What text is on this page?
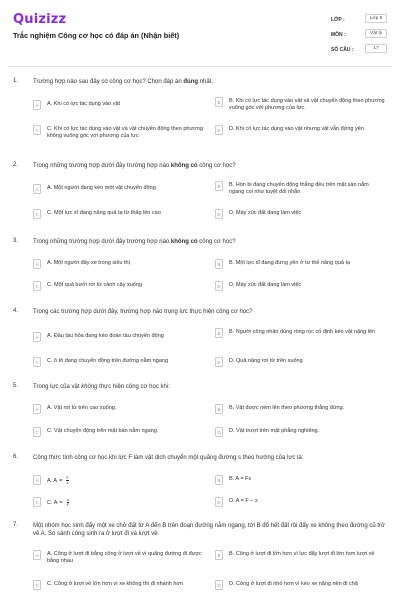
Quizizz
Trắc nghiệm Công cơ học có đáp án (Nhận biết)
LỚP :	Lớp 8
MÔN :	Vật lý
SỐ CÂU :	17
1. Trường hợp nào sau đây có công cơ học? Chọn đáp án đúng nhất.
A	A. Khi có lực tác dụng vào vật	B	B. Khi có lực tác dụng vào vật và vật chuyển động theo phương vuông góc với phương của lực.
C	C. Khi có lực tác dụng vào vật và vật chuyển động theo phương không vuông góc với phương của lực
D	D. Khi có lực tác dụng vào vật nhưng vật vẫn đứng yên
2. Trong những trường hợp dưới đây trường hợp nào không có công cơ học?
A	A. Một người đang kéo một vật chuyển động	B	B. Hòn bi đang chuyển động thẳng đều trên mặt sàn nằm ngang coi như tuyệt đối nhẵn
C	C. Một lực sĩ đang nâng quả tạ từ thấp lên cao	D	D. Máy xúc đất đang làm việc
3. Trong những trường hợp dưới đây trường hợp nào không có công cơ học?
A	A. Một người đẩy xe trong siêu thị	B	B. Một lực sĩ đang đứng yên ở tư thế nâng quả tạ
C	C. Một quả bưởi rơi từ cành cây xuống	D	D. Máy xúc đất đang làm việc
4. Trong các trường hợp dưới đây, trường hợp nào trọng lực thực hiện công cơ học?
A	A. Đầu tàu hỏa đang kéo đoàn tàu chuyển động	B	B. Người công nhân dùng ròng rọc cố định kéo vật nặng lên
C	C. ô tô đang chuyển động trên đường nằm ngang	D	D. Quả nặng rơi từ trên xuống
5. Trong lực của vật không thực hiện công cơ học khi:
A	A. Vật rơi từ trên cao xuống.	B	B. Vật được ném lên theo phương thẳng đứng.
C	C. Vật chuyển động trên mặt bàn nằm ngang.	D	D. Vật trượt trên mặt phẳng nghiêng.
6. Công thức tính công cơ học khi lực F làm vật dịch chuyển một quãng đường s theo hướng của lực là:
A	A. $A = \frac{F}{s}$	B	B. A = Fs
C	C. $A = \frac{s}{F}$	D	D. A = F − s
7. Một nhóm học sinh đẩy một xe chở đất từ A đến B trên đoạn đường nằm ngang, tới B đổ hết đất rồi đẩy xe không theo đường cũ trở về A. So sánh công sinh ra ở lượt đi và lượt về.
A	A. Công ở lượt đi bằng công ở lượt về vì quãng đường đi được bằng nhau
B	B. Công ở lượt đi lớn hơn vì lực đẩy lượt đi lớn hơn lượt về
C	C. Công ở lượt về lớn hơn vì xe không thì đi nhanh hơn	D	D. Công ở lượt đi nhỏ hơn vì kéo xe nặng nên đi chậ
